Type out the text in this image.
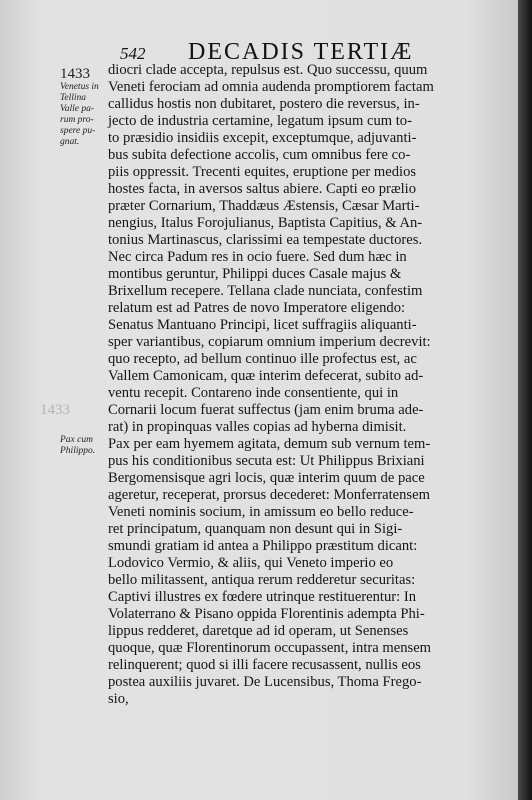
542 DECADIS TERTIÆ
1433
Venetus in
Tellina
Valle pa-
rum pro-
spere pu-
gnat.
1433
Pax cum
Philippo.
diocri clade accepta, repulsus est. Quo successu, quum
Veneti ferociam ad omnia audenda promptiorem factam
callidus hostis non dubitaret, postero die reversus, in-
jecto de industria certamine, legatum ipsum cum to-
to præsidio insidiis excepit, exceptumque, adjuvanti-
bus subita defectione accolis, cum omnibus fere co-
piis oppressit. Trecenti equites, eruptione per medios
hostes facta, in aversos saltus abiere. Capti eo prælio
præter Cornarium, Thaddæus Æstensis, Cæsar Marti-
nengius, Italus Forojulianus, Baptista Capitius, & An-
tonius Martinascus, clarissimi ea tempestate ductores.
Nec circa Padum res in ocio fuere. Sed dum hæc in
montibus geruntur, Philippi duces Casale majus &
Brixellum recepere. Tellana clade nunciata, confestim
relatum est ad Patres de novo Imperatore eligendo:
Senatus Mantuano Principi, licet suffragiis aliquanti-
sper variantibus, copiarum omnium imperium decrevit:
quo recepto, ad bellum continuo ille profectus est, ac
Vallem Camonicam, quæ interim defecerat, subito ad-
ventu recepit. Contareno inde consentiente, qui in
Cornarii locum fuerat suffectus (jam enim bruma ade-
rat) in propinquas valles copias ad hyberna dimisit.
Pax per eam hyemem agitata, demum sub vernum tem-
pus his conditionibus secuta est: Ut Philippus Brixiani
Bergomensisque agri locis, quæ interim quum de pace
ageretur, receperat, prorsus decederet: Monferratensem
Veneti nominis socium, in amissum eo bello reduce-
ret principatum, quanquam non desunt qui in Sigi-
smundi gratiam id antea a Philippo præstitum dicant:
Lodovico Vermio, & aliis, qui Veneto imperio eo
bello militassent, antiqua rerum redderetur securitas:
Captivi illustres ex fœdere utrinque restituerentur: In
Volaterrano & Pisano oppida Florentinis adempta Phi-
lippus redderet, daretque ad id operam, ut Senenses
quoque, quæ Florentinorum occupassent, intra mensem
relinquerent; quod si illi facere recusassent, nullis eos
postea auxiliis juvaret. De Lucensibus, Thoma Frego-
sio,
